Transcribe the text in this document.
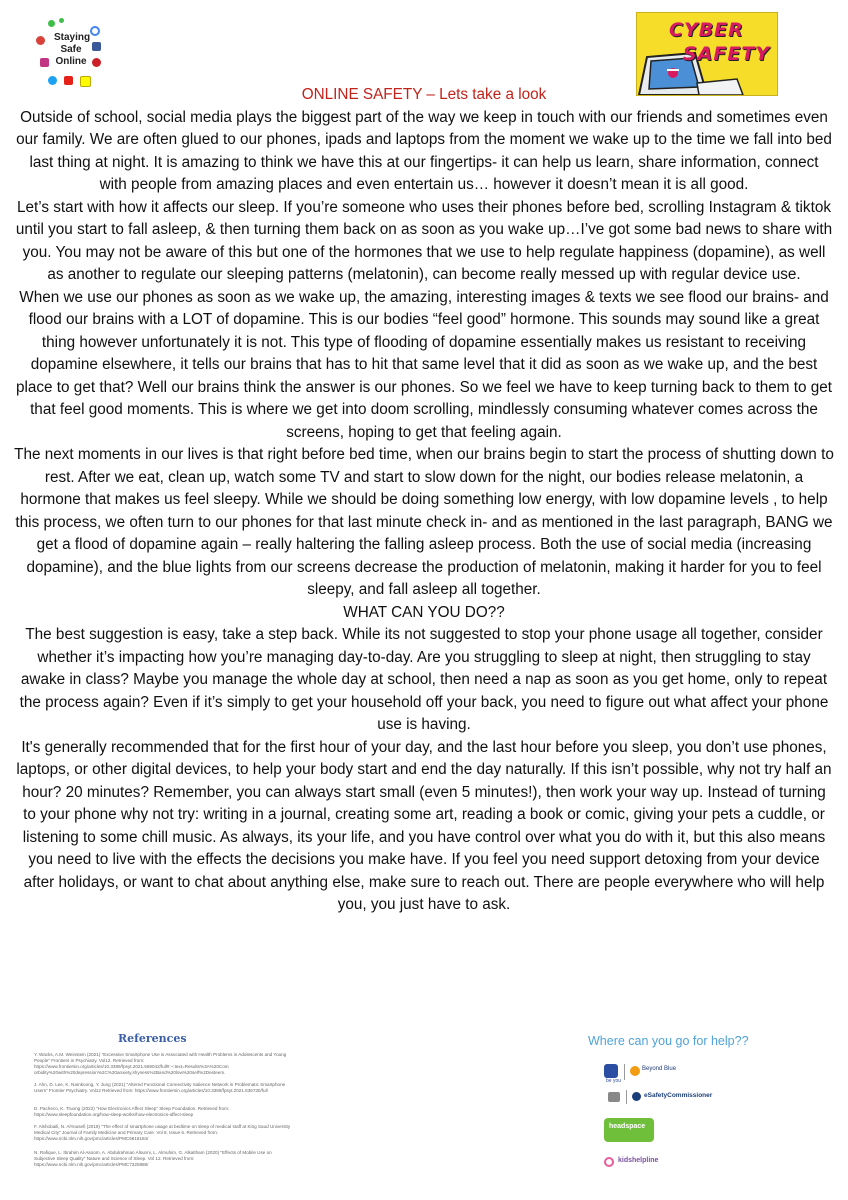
Staying
Safe
Online
CYBER
SAFETY

ONLINE SAFETY – Lets take a look

Outside of school, social media plays the biggest part of the way we keep in touch with our friends and sometimes even our family. We are often glued to our phones, ipads and laptops from the moment we wake up to the time we fall into bed last thing at night. It is amazing to think we have this at our fingertips- it can help us learn, share information, connect with people from amazing places and even entertain us… however it doesn’t mean it is all good.

Let’s start with how it affects our sleep. If you’re someone who uses their phones before bed, scrolling Instagram & tiktok until you start to fall asleep, & then turning them back on as soon as you wake up…I’ve got some bad news to share with you. You may not be aware of this but one of the hormones that we use to help regulate happiness (dopamine), as well as another to regulate our sleeping patterns (melatonin), can become really messed up with regular device use.

When we use our phones as soon as we wake up, the amazing, interesting images & texts we see flood our brains- and flood our brains with a LOT of dopamine. This is our bodies “feel good” hormone. This sounds may sound like a great thing however unfortunately it is not. This type of flooding of dopamine essentially makes us resistant to receiving dopamine elsewhere, it tells our brains that has to hit that same level that it did as soon as we wake up, and the best place to get that? Well our brains think the answer is our phones. So we feel we have to keep turning back to them to get that feel good moments. This is where we get into doom scrolling, mindlessly consuming whatever comes across the screens, hoping to get that feeling again.

The next moments in our lives is that right before bed time, when our brains begin to start the process of shutting down to rest. After we eat, clean up, watch some TV and start to slow down for the night, our bodies release melatonin, a hormone that makes us feel sleepy. While we should be doing something low energy, with low dopamine levels , to help this process, we often turn to our phones for that last minute check in- and as mentioned in the last paragraph, BANG we get a flood of dopamine again – really haltering the falling asleep process. Both the use of social media (increasing dopamine), and the blue lights from our screens decrease the production of melatonin, making it harder for you to feel sleepy, and fall asleep all together.

WHAT CAN YOU DO??

The best suggestion is easy, take a step back. While its not suggested to stop your phone usage all together, consider whether it’s impacting how you’re managing day-to-day. Are you struggling to sleep at night, then struggling to stay awake in class? Maybe you manage the whole day at school, then need a nap as soon as you get home, only to repeat the process again? Even if it’s simply to get your household off your back, you need to figure out what affect your phone use is having.

It's generally recommended that for the first hour of your day, and the last hour before you sleep, you don’t use phones, laptops, or other digital devices, to help your body start and end the day naturally. If this isn’t possible, why not try half an hour? 20 minutes? Remember, you can always start small (even 5 minutes!), then work your way up. Instead of turning to your phone why not try: writing in a journal, creating some art, reading a book or comic, giving your pets a cuddle, or listening to some chill music. As always, its your life, and you have control over what you do with it, but this also means you need to live with the effects the decisions you make have. If you feel you need support detoxing from your device after holidays, or want to chat about anything else, make sure to reach out. There are people everywhere who will help you, you just have to ask.

References
Y. Wacks, A.M. Weinstein (2021) "Excessive Smartphone Use is Associated with Health Problems in Adolescents and Young People" Frontiers in Psychiatry. Vol12. Retrieved from: https://www.frontiersin.org/articles/10.3389/fpsyt.2021.669042/full#:~:text=Results%3A%20Com orbidity%20with%20depression%2C%20anxiety,shyness%2Band%20low%20self%2Desteem.
J. Ahn, D. Lee, K. Namkoong, Y. Jung (2021) "Altered Functional Connectivity Salience Network in Problematic Smartphone Users" Frontier Psychiatry. Vol12 Retrieved from: https://www.frontiersin.org/articles/10.3389/fpsyt.2021.636730/full
D. Pacheco, K. Truong (2022) "How Electronics Affect Sleep" Sleep Foundation. Retrieved from: https://www.sleepfoundation.org/how-sleep-works/how-electronics-affect-sleep
F. Alshobaili, N. AlYousefi (2019) "The effect of smartphone usage at bedtime on sleep of medical staff at King Saud University Medical City" Journal of Family Medicine and Primary Care. Vol 8. Issue 6. Retrieved from: https://www.ncbi.nlm.nih.gov/pmc/articles/PMC6618184/
N. Rafique, L. Ibrahim Al-Asoom, A. Abdulrahman Alsunni, L. Almuhim, G. Alkaltham (2020) "Effects of Mobile Use on Subjective Sleep Quality" Nature and Science of Sleep. Vol 12. Retrieved from: https://www.ncbi.nlm.nih.gov/pmc/articles/PMC7320888/
Where can you go for help??
be you
Beyond Blue
eSafetyCommissioner
headspace
kidshelpline
